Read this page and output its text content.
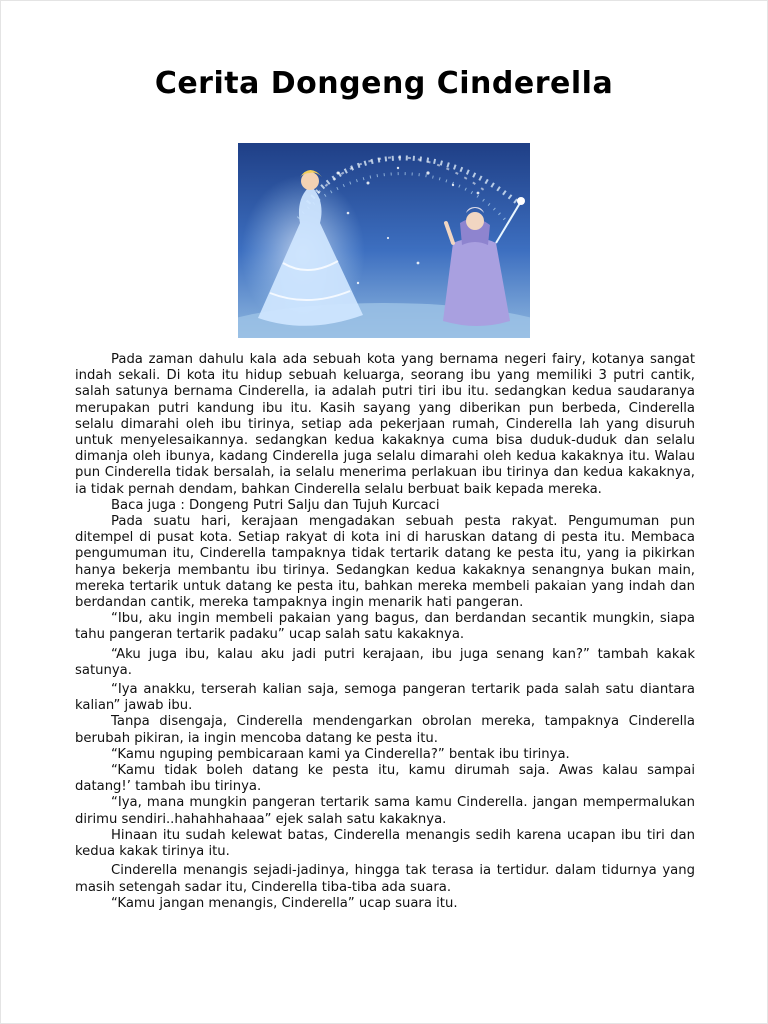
Cerita Dongeng Cinderella

Pada zaman dahulu kala ada sebuah kota yang bernama negeri fairy, kotanya sangat indah sekali. Di kota itu hidup sebuah keluarga, seorang ibu yang memiliki 3 putri cantik, salah satunya bernama Cinderella, ia adalah putri tiri ibu itu. sedangkan kedua saudaranya merupakan putri kandung ibu itu. Kasih sayang yang diberikan pun berbeda, Cinderella selalu dimarahi oleh ibu tirinya, setiap ada pekerjaan rumah, Cinderella lah yang disuruh untuk menyelesaikannya. sedangkan kedua kakaknya cuma bisa duduk-duduk dan selalu dimanja oleh ibunya, kadang Cinderella juga selalu dimarahi oleh kedua kakaknya itu. Walau pun Cinderella tidak bersalah, ia selalu menerima perlakuan ibu tirinya dan kedua kakaknya, ia tidak pernah dendam, bahkan Cinderella selalu berbuat baik kepada mereka.

Baca juga : Dongeng Putri Salju dan Tujuh Kurcaci

Pada suatu hari, kerajaan mengadakan sebuah pesta rakyat. Pengumuman pun ditempel di pusat kota. Setiap rakyat di kota ini di haruskan datang di pesta itu. Membaca pengumuman itu, Cinderella tampaknya tidak tertarik datang ke pesta itu, yang ia pikirkan hanya bekerja membantu ibu tirinya. Sedangkan kedua kakaknya senangnya bukan main, mereka tertarik untuk datang ke pesta itu, bahkan mereka membeli pakaian yang indah dan berdandan cantik, mereka tampaknya ingin menarik hati pangeran.

“Ibu, aku ingin membeli pakaian yang bagus, dan berdandan secantik mungkin, siapa tahu pangeran tertarik padaku” ucap salah satu kakaknya.

“Aku juga ibu, kalau aku jadi putri kerajaan, ibu juga senang kan?” tambah kakak satunya.

“Iya anakku, terserah kalian saja, semoga pangeran tertarik pada salah satu diantara kalian” jawab ibu.

Tanpa disengaja, Cinderella mendengarkan obrolan mereka, tampaknya Cinderella berubah pikiran, ia ingin mencoba datang ke pesta itu.

“Kamu nguping pembicaraan kami ya Cinderella?” bentak ibu tirinya.

“Kamu tidak boleh datang ke pesta itu, kamu dirumah saja. Awas kalau sampai datang!’ tambah ibu tirinya.

“Iya, mana mungkin pangeran tertarik sama kamu Cinderella. jangan mempermalukan dirimu sendiri..hahahhahaaa” ejek salah satu kakaknya.

Hinaan itu sudah kelewat batas, Cinderella menangis sedih karena ucapan ibu tiri dan kedua kakak tirinya itu.

Cinderella menangis sejadi-jadinya, hingga tak terasa ia tertidur. dalam tidurnya yang masih setengah sadar itu, Cinderella tiba-tiba ada suara.

“Kamu jangan menangis, Cinderella” ucap suara itu.
